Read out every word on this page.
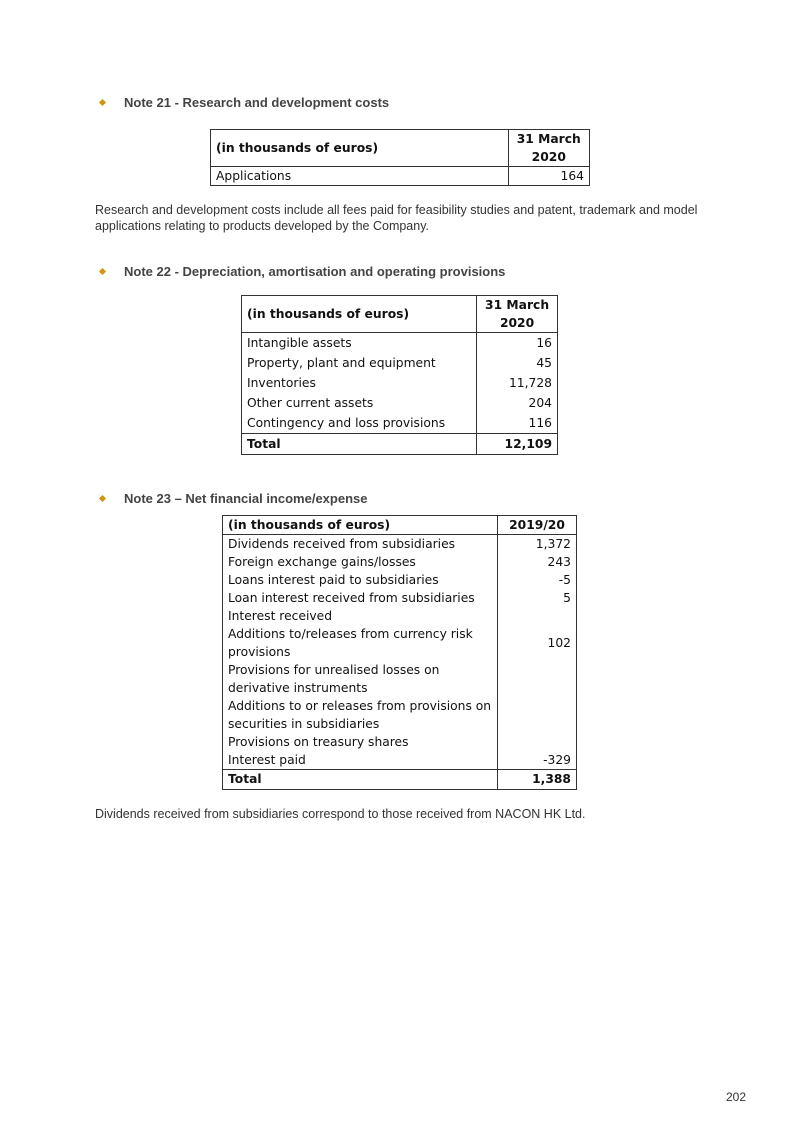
Note 21 - Research and development costs
(in thousands of euros)	31 March 2020
Applications	164
Research and development costs include all fees paid for feasibility studies and patent, trademark and model applications relating to products developed by the Company.
Note 22 - Depreciation, amortisation and operating provisions
(in thousands of euros)	31 March 2020
Intangible assets	16
Property, plant and equipment	45
Inventories	11,728
Other current assets	204
Contingency and loss provisions	116
Total	12,109
Note 23 – Net financial income/expense
(in thousands of euros)	2019/20
Dividends received from subsidiaries	1,372
Foreign exchange gains/losses	243
Loans interest paid to subsidiaries	-5
Loan interest received from subsidiaries	5
Interest received	
Additions to/releases from currency risk provisions	102
Provisions for unrealised losses on derivative instruments	
Additions to or releases from provisions on securities in subsidiaries	
Provisions on treasury shares	
Interest paid	-329
Total	1,388
Dividends received from subsidiaries correspond to those received from NACON HK Ltd.
202
